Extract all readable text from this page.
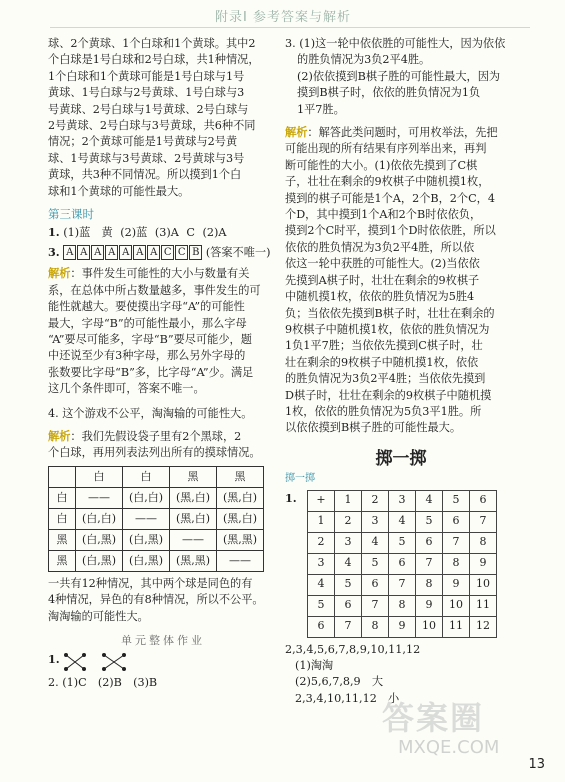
附录Ⅰ 参考答案与解析

球、2个黄球、1个白球和1个黄球。其中2

个白球是1号白球和2号白球，共1种情况，

1个白球和1个黄球可能是1号白球与1号

黄球、1号白球与2号黄球、1号白球与3

号黄球、2号白球与1号黄球、2号白球与

2号黄球、2号白球与3号黄球，共6种不同

情况；2个黄球可能是1号黄球与2号黄

球、1号黄球与3号黄球、2号黄球与3号

黄球，共3种不同情况。所以摸到1个白

球和1个黄球的可能性最大。

第三课时

1. (1)蓝　黄 (2)蓝 (3)A C (2)A

3. A A A A A A A C C B (答案不唯一)

解析：事件发生可能性的大小与数量有关

系，在总体中所占数量越多，事件发生的可

能性就越大。要使摸出字母“A”的可能性

最大，字母“B”的可能性最小，那么字母

“A”要尽可能多，字母“B”要尽可能少，题

中还说至少有3种字母，那么另外字母的

张数要比字母“B”多，比字母“A”少。满足

这几个条件即可，答案不唯一。

4. 这个游戏不公平，淘淘输的可能性大。

解析：我们先假设袋子里有2个黑球，2

个白球，再用列表法列出所有的摸球情况。

	白	白	黑	黑
白	——	(白,白)	(黑,白)	(黑,白)
白	(白,白)	——	(黑,白)	(黑,白)
黑	(白,黑)	(白,黑)	——	(黑,黑)
黑	(白,黑)	(白,黑)	(黑,黑)	——

一共有12种情况，其中两个球是同色的有

4种情况，异色的有8种情况，所以不公平。

淘淘输的可能性大。

单元整体作业

1.

2. (1)C　(2)B　(3)B

3. (1)这一轮中依依胜的可能性大，因为依依

的胜负情况为3负2平4胜。

(2)依依摸到B棋子胜的可能性最大，因为

摸到B棋子时，依依的胜负情况为1负

1平7胜。

解析：解答此类问题时，可用枚举法，先把

可能出现的所有结果有序列举出来，再判

断可能性的大小。(1)依依先摸到了C棋

子，壮壮在剩余的9枚棋子中随机摸1枚，

摸到的棋子可能是1个A，2个B，2个C，4

个D，其中摸到1个A和2个B时依依负，

摸到2个C时平，摸到1个D时依依胜，所以

依依的胜负情况为3负2平4胜，所以依

依这一轮中获胜的可能性大。(2)当依依

先摸到A棋子时，壮壮在剩余的9枚棋子

中随机摸1枚，依依的胜负情况为5胜4

负；当依依先摸到B棋子时，壮壮在剩余的

9枚棋子中随机摸1枚，依依的胜负情况为

1负1平7胜；当依依先摸到C棋子时，壮

壮在剩余的9枚棋子中随机摸1枚，依依

的胜负情况为3负2平4胜；当依依先摸到

D棋子时，壮壮在剩余的9枚棋子中随机摸

1枚，依依的胜负情况为5负3平1胜。所

以依依摸到B棋子胜的可能性最大。

掷一掷

掷一掷

1. +	1	2	3	4	5	6
1	2	3	4	5	6	7
2	3	4	5	6	7	8
3	4	5	6	7	8	9
4	5	6	7	8	9	10
5	6	7	8	9	10	11
6	7	8	9	10	11	12

2,3,4,5,6,7,8,9,10,11,12

(1)淘淘

(2)5,6,7,8,9　大

2,3,4,10,11,12　小

答案圈
MXQE.COM
13
